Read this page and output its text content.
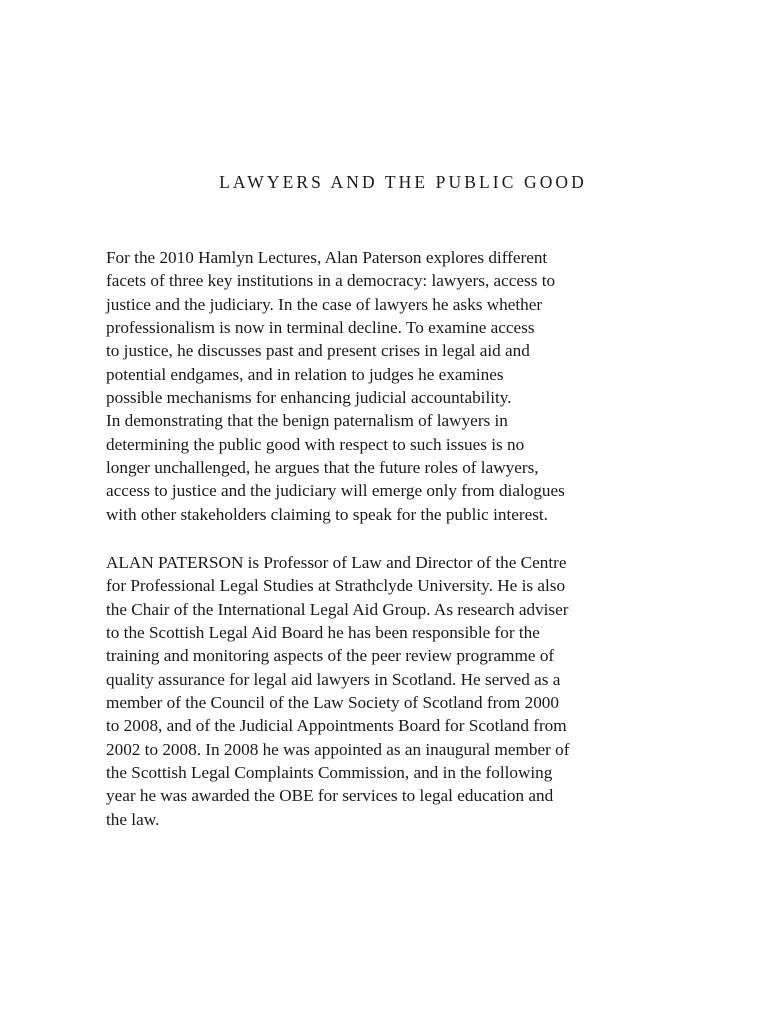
LAWYERS AND THE PUBLIC GOOD
For the 2010 Hamlyn Lectures, Alan Paterson explores different
facets of three key institutions in a democracy: lawyers, access to
justice and the judiciary. In the case of lawyers he asks whether
professionalism is now in terminal decline. To examine access
to justice, he discusses past and present crises in legal aid and
potential endgames, and in relation to judges he examines
possible mechanisms for enhancing judicial accountability.
In demonstrating that the benign paternalism of lawyers in
determining the public good with respect to such issues is no
longer unchallenged, he argues that the future roles of lawyers,
access to justice and the judiciary will emerge only from dialogues
with other stakeholders claiming to speak for the public interest.
ALAN PATERSON is Professor of Law and Director of the Centre
for Professional Legal Studies at Strathclyde University. He is also
the Chair of the International Legal Aid Group. As research adviser
to the Scottish Legal Aid Board he has been responsible for the
training and monitoring aspects of the peer review programme of
quality assurance for legal aid lawyers in Scotland. He served as a
member of the Council of the Law Society of Scotland from 2000
to 2008, and of the Judicial Appointments Board for Scotland from
2002 to 2008. In 2008 he was appointed as an inaugural member of
the Scottish Legal Complaints Commission, and in the following
year he was awarded the OBE for services to legal education and
the law.
